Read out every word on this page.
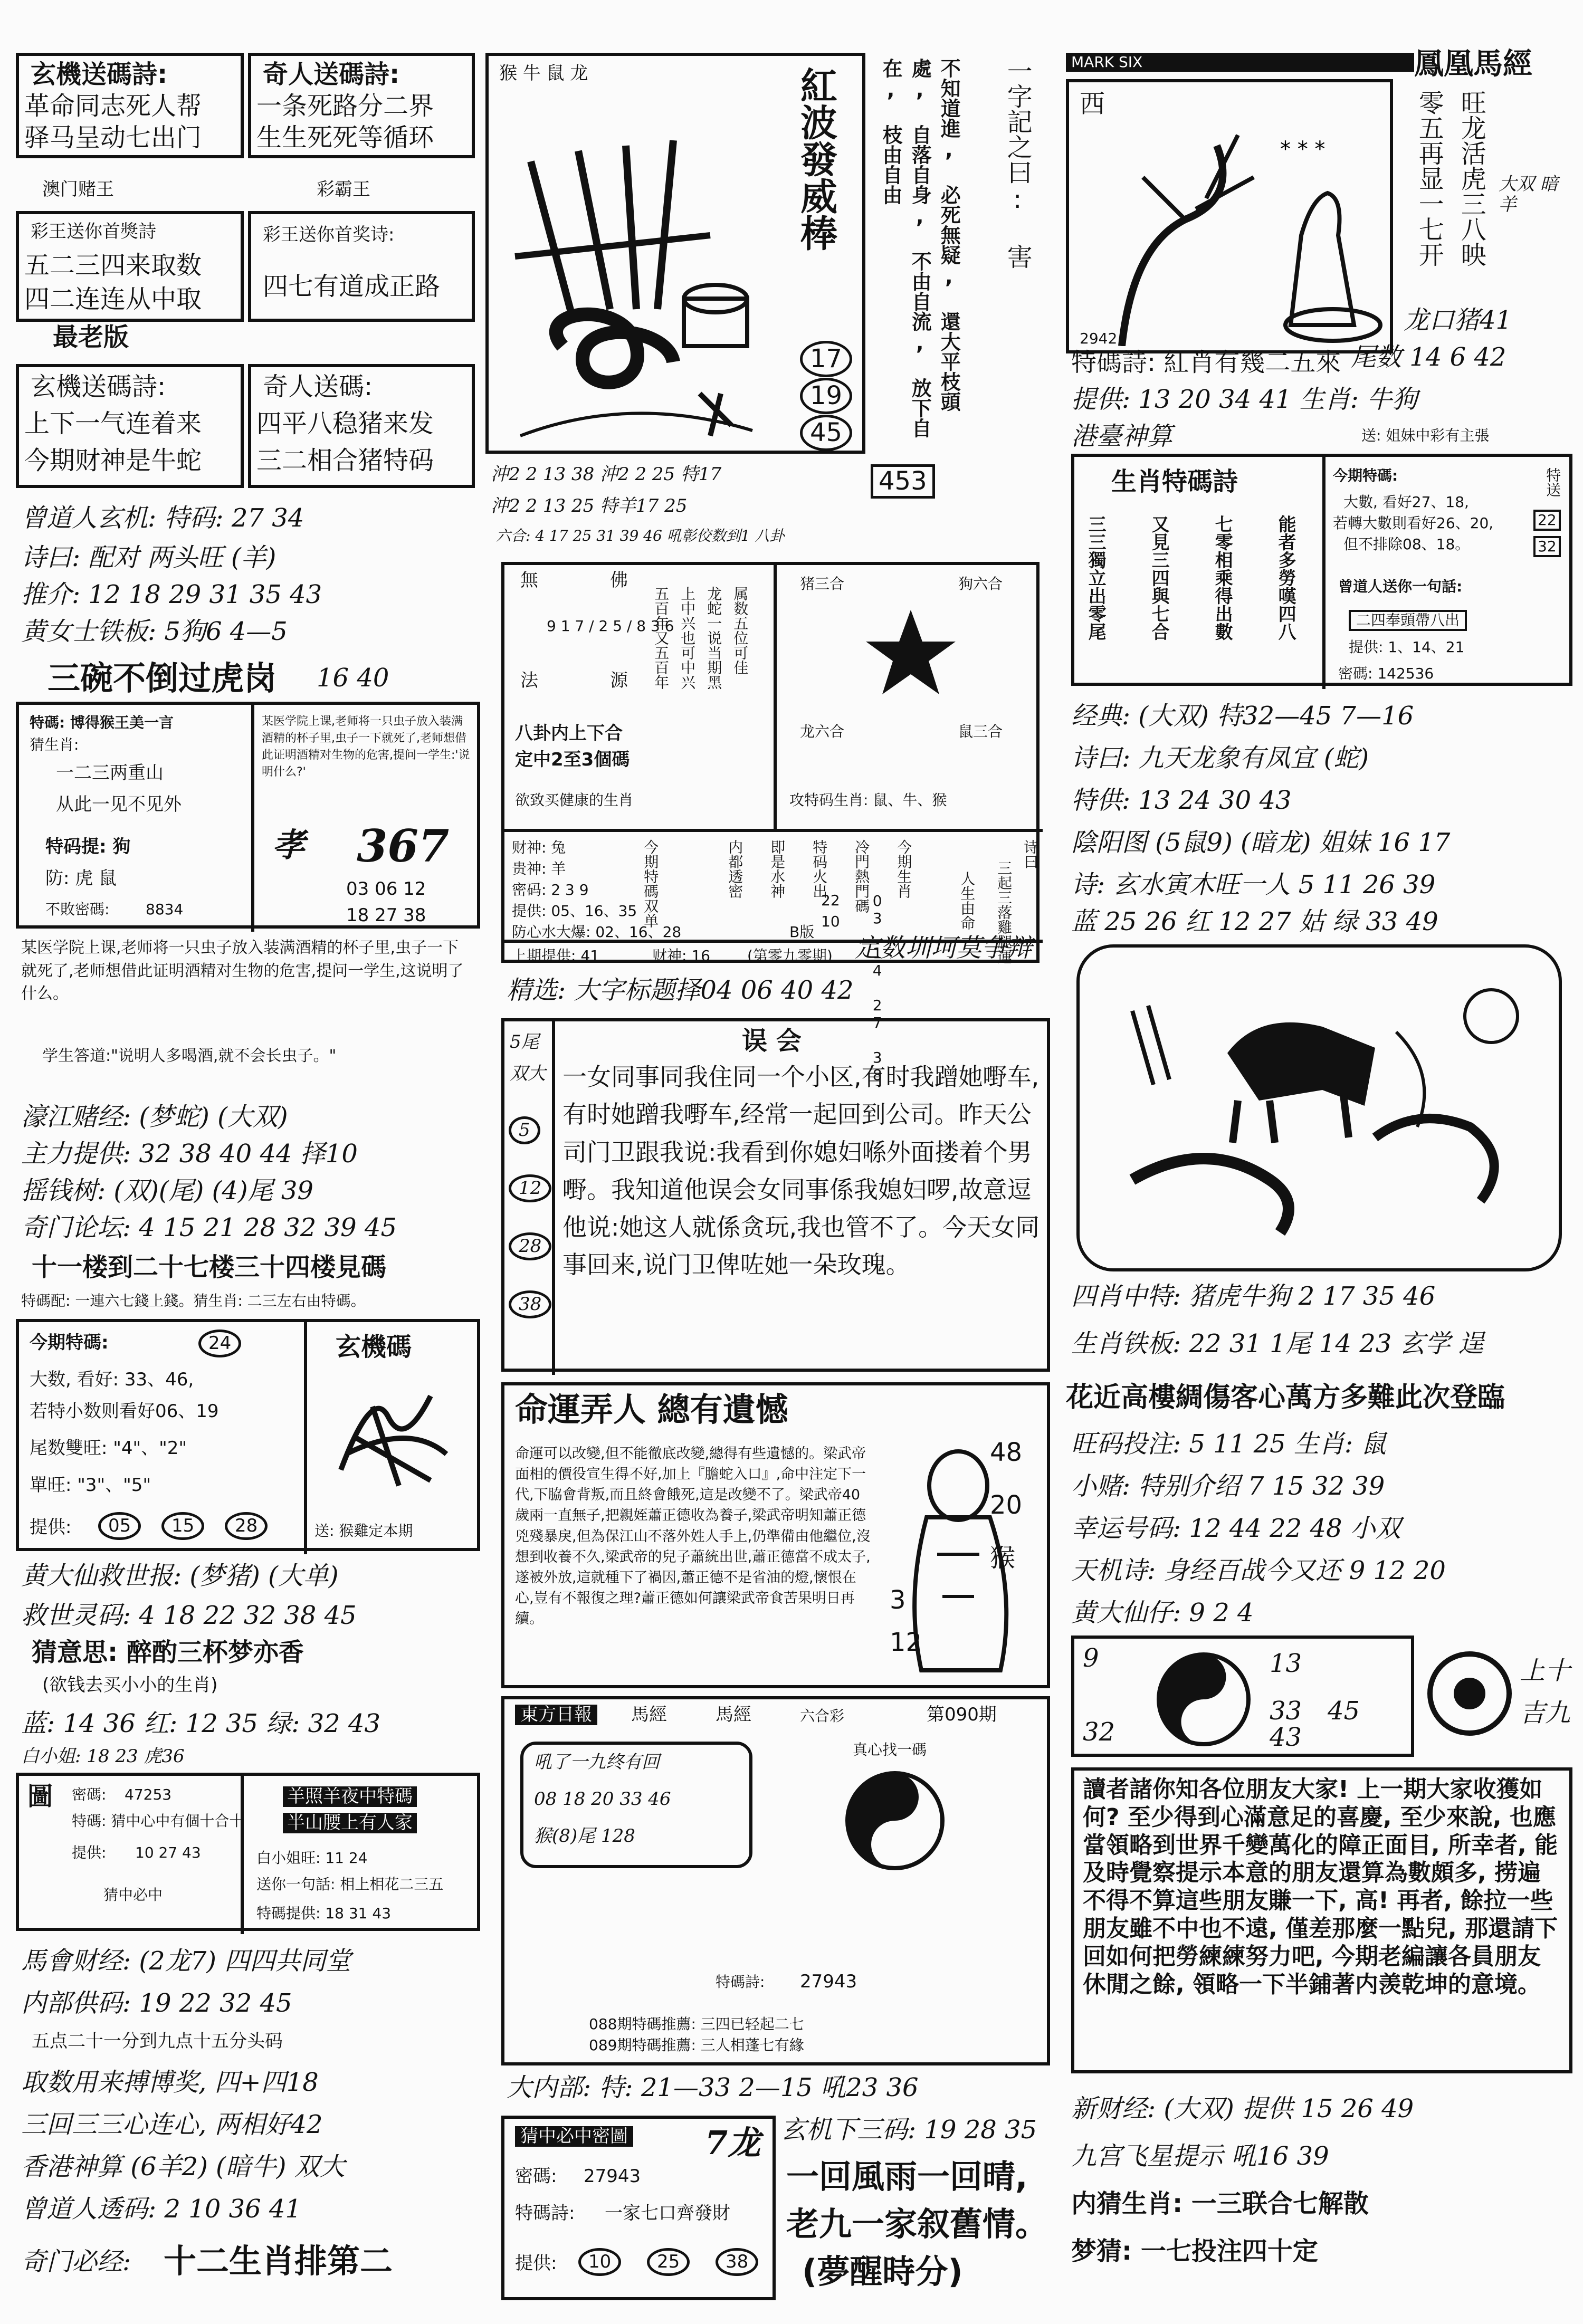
玄機送碼詩:
革命同志死人帮
驿马呈动七出门
奇人送碼詩:
一条死路分二界
生生死死等循环
澳门赌王	彩霸王
彩王送你首獎詩
五二三四来取数
四二连连从中取
彩王送你首奖诗:
四七有道成正路
最老版
玄機送碼詩:
上下一气连着来
今期财神是牛蛇
奇人送碼:
四平八稳猪来发
三二相合猪特码
曾道人玄机: 特码: 27 34
诗曰: 配对 两头旺 (羊)
推介: 12 18 29 31 35 43
黄女士铁板: 5狗6 4—5
三碗不倒过虎岗 16 40
特碼: 博得猴王美一言
猜生肖:
一二三两重山
从此一见不见外
特码提: 狗
防: 虎 鼠
不敗密碼: 8834
某医学院上课,老师将一只虫子放入装满酒精的杯子里,虫子一下就死了,老师想借此证明酒精对生物的危害,提问一学生:'说明什么?'
孝 367
03 06 12
18 27 38
某医学院上课,老师将一只虫子放入装满酒精的杯子里,虫子一下就死了,老师想借此证明酒精对生物的危害,提问一学生,这说明了什么。
学生答道:"说明人多喝酒,就不会长虫子。"
濠江赌经: (梦蛇) (大双)
主力提供: 32 38 40 44 择10
摇钱树: (双)(尾) (4)尾 39
奇门论坛: 4 15 21 28 32 39 45
十一楼到二十七楼三十四楼見碼
特碼配: 一連六七錢上錢。猜生肖: 二三左右由特碼。
今期特碼:	24
大数, 看好: 33、46,
若特小数则看好06、19
尾数雙旺: "4"、"2"
單旺: "3"、"5"
提供:	05	15	28
玄機碼
送: 猴雞定本期
黄大仙救世报: (梦猪) (大单)
救世灵码: 4 18 22 32 38 45
猜意思: 醉酌三杯梦亦香
(欲钱去买小小的生肖)
蓝: 14 36 红: 12 35 绿: 32 43
白小姐: 18 23 虎36
圖 密碼: 47253
特碼: 猜中心中有個十合十
提供: 10 27 43
猜中必中
羊照羊夜中特碼
半山腰上有人家
白小姐旺: 11 24
送你一句話: 相上相花二三五
特碼提供: 18 31 43
馬會财经: (2龙7) 四四共同堂
内部供码: 19 22 32 45
五点二十一分到九点十五分头码
取数用来搏博奖, 四+四18
三回三三心连心, 两相好42
香港神算 (6羊2) (暗牛) 双大
曾道人透码: 2 10 36 41
奇门必经: 十二生肖排第二
猴 牛 鼠 龙	紅波發威棒
17
19
45
不知道進, 必死無疑, 還大平枝頭處, 自落自身, 不由自流, 放下自在, 枝由自由	一字記之曰: 害
沖2 2 13 38 沖2 2 25 特17
沖2 2 13 25 特羊17 25
六合: 4 17 25 31 39 46 吼彰佼数到1 八卦
453
無	佛
法	源
9 1 7 / 2 5 / 8 3 6
五百年又五百年 上中兴也可中兴 龙蛇一说当期黑 属数五位可佳
八卦内上下合
定中2至3個碼
欲致买健康的生肖
猪三合	狗六合
龙六合	鼠三合
攻特码生肖: 鼠、牛、猴
财神: 兔
贵神: 羊
密码: 2 3 9
提供: 05、16、35
防心水大爆: 02、16、28
今期特碼双单	内都透密 即是水神 特码火出 冷門熱門碼 今期生肖	诗曰
03 14 27 38
10
22
B版	三起三落雞腿運
人生由命
上期提供: 41	财神: 16	(第零九零期) 定数圳坷莫争辩
精选: 大字标题择04 06 40 42
误 会
5尾
双大
5
12
28
38
一女同事同我住同一个小区,有时我蹭她嘢车,有时她蹭我嘢车,经常一起回到公司。昨天公司门卫跟我说:我看到你媳妇喺外面搂着个男嘢。我知道他误会女同事係我媳妇啰,故意逗他说:她这人就係贪玩,我也管不了。今天女同事回来,说门卫俾咗她一朵玫瑰。
命運弄人 總有遺憾
命運可以改變,但不能徹底改變,總得有些遺憾的。梁武帝面相的價役宣生得不好,加上『膽蛇入口』,命中注定下一代,下脇會背叛,而且終會餓死,這是改變不了。梁武帝40歲兩一直無子,把親姪蕭正德收為養子,梁武帝明知蕭正德兇殘暴戾,但為保江山不落外姓人手上,仍準備由他繼位,沒想到收養不久,梁武帝的兒子蕭統出世,蕭正德當不成太子,遂被外放,這就種下了禍因,蕭正德不是省油的燈,懷恨在心,豈有不報復之理?蕭正德如何讓梁武帝食苦果明日再續。
48
20
猴
3
12
東方日報 馬經	馬經	六合彩	第090期
吼了一九终有回
08 18 20 33 46
猴(8)尾 128
真心找一碼
特碼詩: 27943
088期特碼推薦: 三四已轻起二七
089期特碼推薦: 三人相蓬七有緣
大内部: 特: 21—33 2—15 吼23 36
玄机下三码: 19 28 35
猜中必中密圖 7龙
密碼: 27943
特碼詩: 一家七口齊發財
提供:	10	25	38
一回風雨一回晴,
老九一家叙舊情。
(夢醒時分)
MARK SIX	鳳凰馬經
西
* * *
2942
零五再显一七开 旺龙活虎三八映 大双 暗羊
龙口猪41
尾数 14 6 42
特碼詩: 紅肖有幾二五來
提供: 13 20 34 41 生肖: 牛狗
港臺神算	送: 姐妹中彩有主張
生肖特碼詩
三三獨立出零尾 又見三四與七合 七零相乘得出數 能者多勞嘆四八
今期特碼:
大數, 看好27、18,
若轉大數則看好26、20,
但不排除08、18。
特送
22
32
曾道人送你一句話:
二四奉頭帶八出
提供: 1、14、21
密碼: 142536
经典: (大双) 特32—45 7—16
诗曰: 九天龙象有凤宜 (蛇)
特供: 13 24 30 43
陰阳图 (5鼠9) (暗龙) 姐妹 16 17
诗: 玄水寅木旺一人 5 11 26 39
蓝 25 26 红 12 27 姑 绿 33 49
四肖中特: 猪虎牛狗 2 17 35 46
生肖铁板: 22 31 1尾 14 23 玄学 逞
花近高樓綢傷客心萬方多難此次登臨
旺码投注: 5 11 25 生肖: 鼠
小赌: 特别介绍 7 15 32 39
幸运号码: 12 44 22 48 小双
天机诗: 身经百战今又还 9 12 20
黄大仙仔: 9 2 4
9	13
32
33
43
45
上十
吉九
讀者諸你知各位朋友大家! 上一期大家收獲如何? 至少得到心滿意足的喜慶, 至少來說, 也應當領略到世界千變萬化的障正面目, 所幸者, 能及時覺察提示本意的朋友還算為數頗多, 捞遍不得不算這些朋友賺一下, 高! 再者, 餘拉一些朋友雖不中也不遠, 僅差那麼一點兒, 那還請下回如何把勞練練努力吧, 今期老編讓各員朋友休閒之餘, 領略一下半鋪著内羡乾坤的意境。
新财经: (大双) 提供 15 26 49
九宫飞星提示 吼16 39
内猜生肖: 一三联合七解散
梦猜: 一七投注四十定
